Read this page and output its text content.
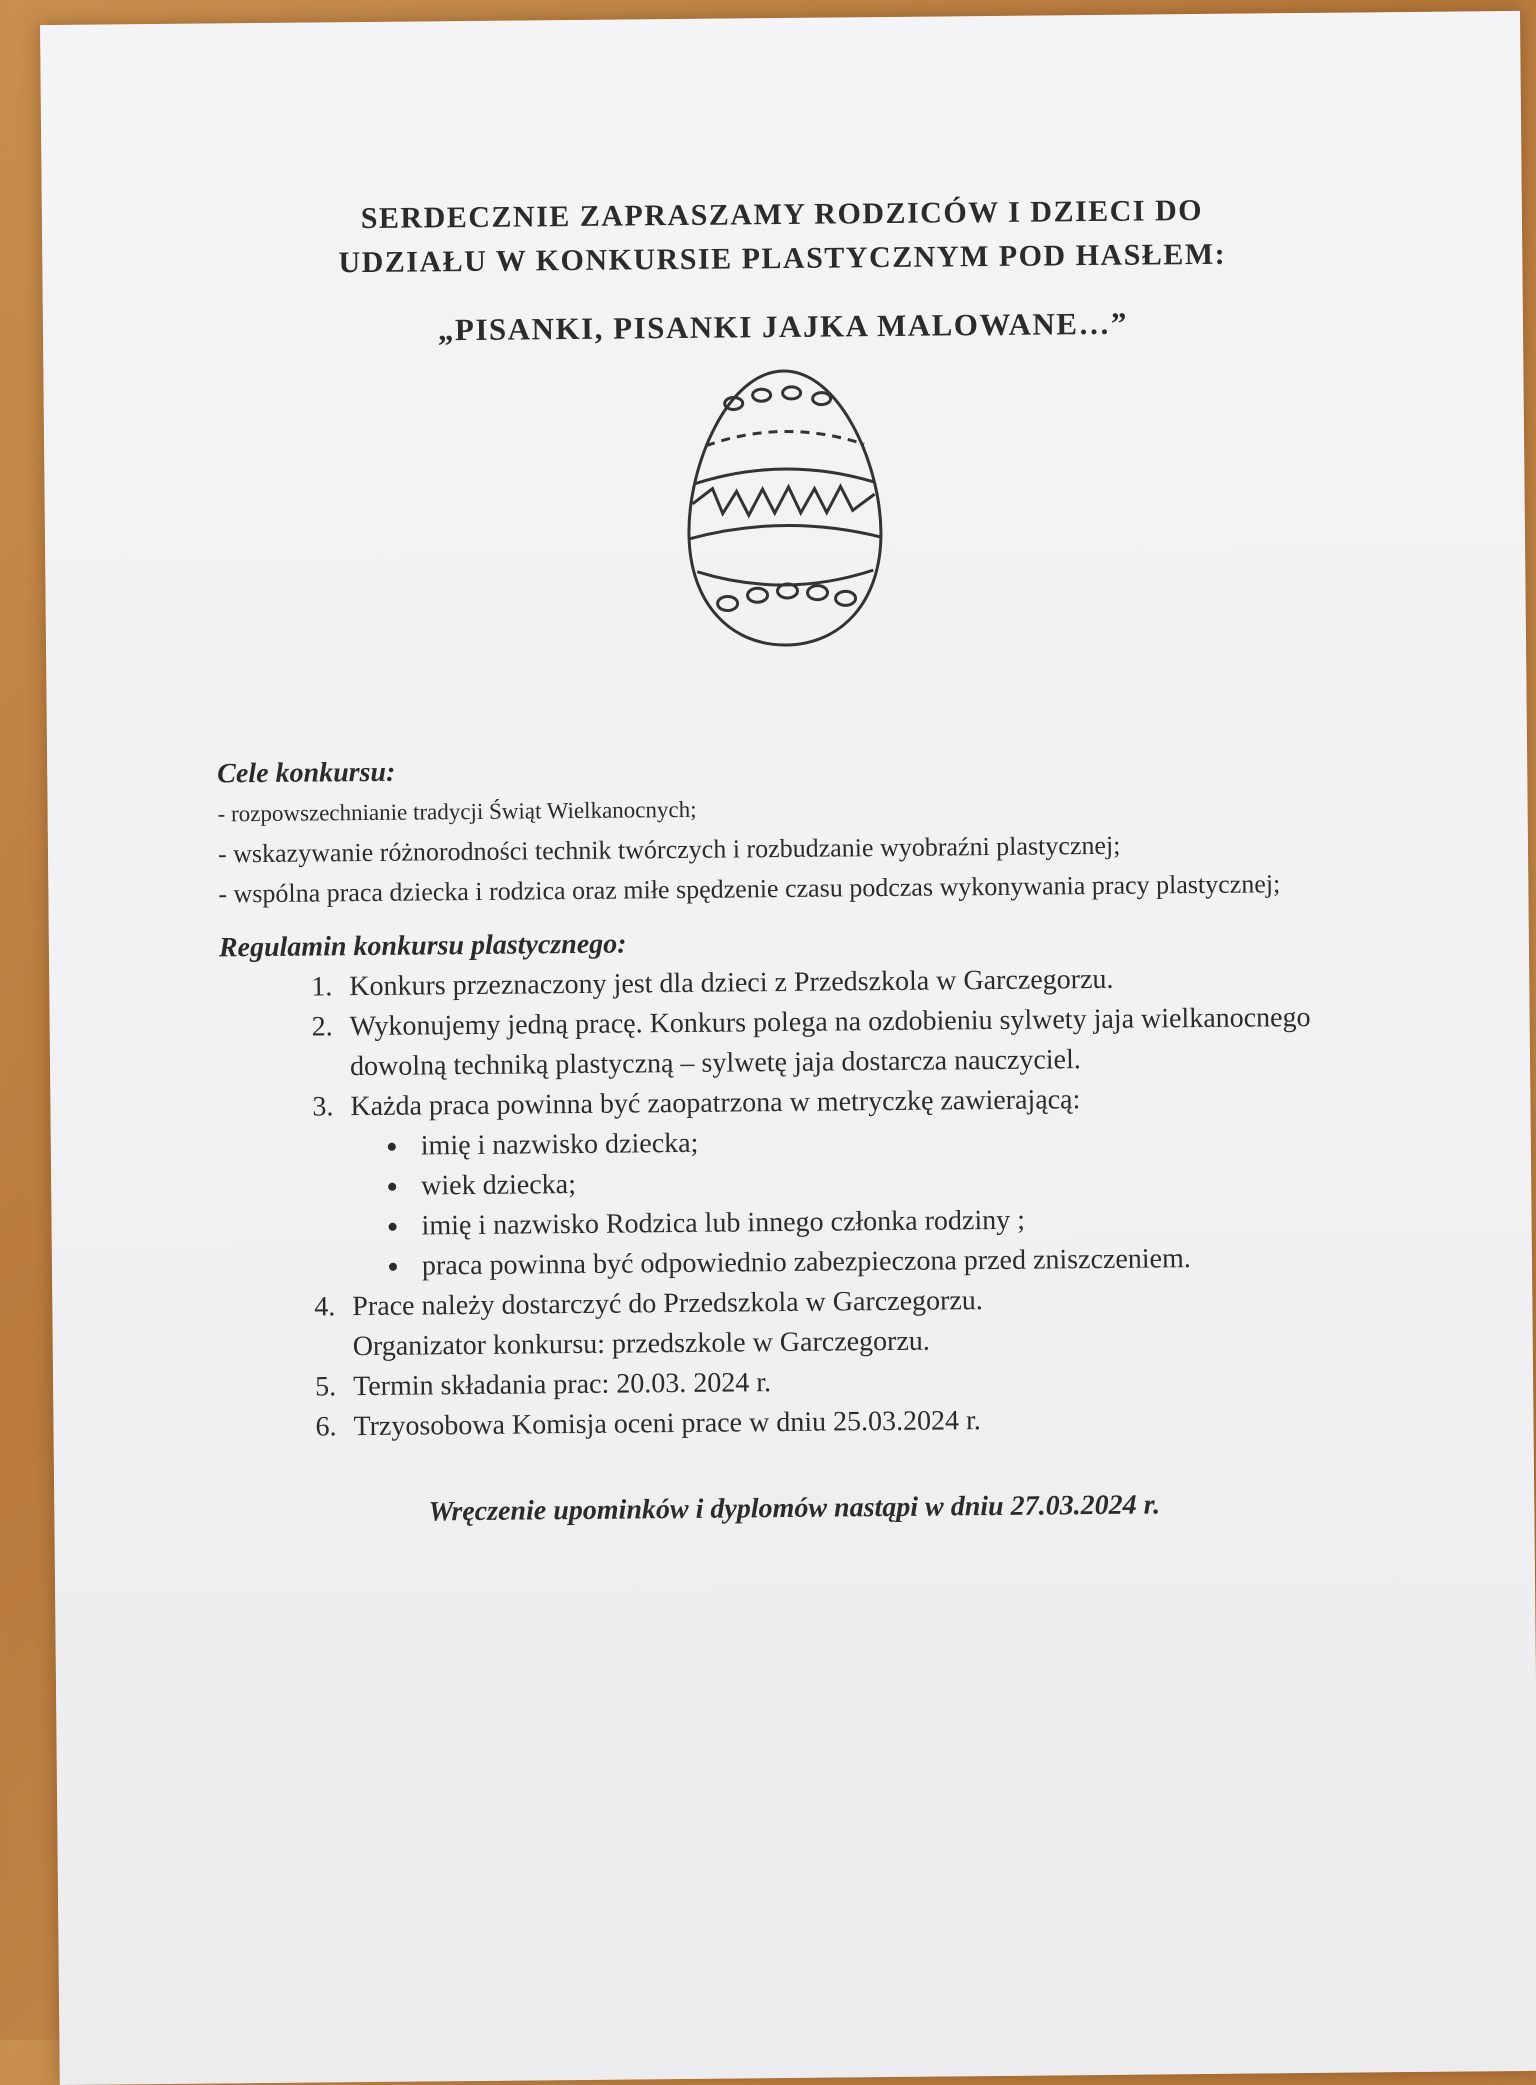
SERDECZNIE ZAPRASZAMY RODZICÓW I DZIECI DO
UDZIAŁU W KONKURSIE PLASTYCZNYM POD HASŁEM:

„PISANKI, PISANKI JAJKA MALOWANE…”

Cele konkursu:

- rozpowszechnianie tradycji Świąt Wielkanocnych;

- wskazywanie różnorodności technik twórczych i rozbudzanie wyobraźni plastycznej;

- wspólna praca dziecka i rodzica oraz miłe spędzenie czasu podczas wykonywania pracy plastycznej;

Regulamin konkursu plastycznego:
1. Konkurs przeznaczony jest dla dzieci z Przedszkola w Garczegorzu.
2. Wykonujemy jedną pracę. Konkurs polega na ozdobieniu sylwety jaja wielkanocnego dowolną techniką plastyczną – sylwetę jaja dostarcza nauczyciel.
3. Każda praca powinna być zaopatrzona w metryczkę zawierającą:
• imię i nazwisko dziecka;
• wiek dziecka;
• imię i nazwisko Rodzica lub innego członka rodziny ;
• praca powinna być odpowiednio zabezpieczona przed zniszczeniem.
4. Prace należy dostarczyć do Przedszkola w Garczegorzu.
Organizator konkursu: przedszkole w Garczegorzu.
5. Termin składania prac: 20.03. 2024 r.
6. Trzyosobowa Komisja oceni prace w dniu 25.03.2024 r.

Wręczenie upominków i dyplomów nastąpi w dniu 27.03.2024 r.
